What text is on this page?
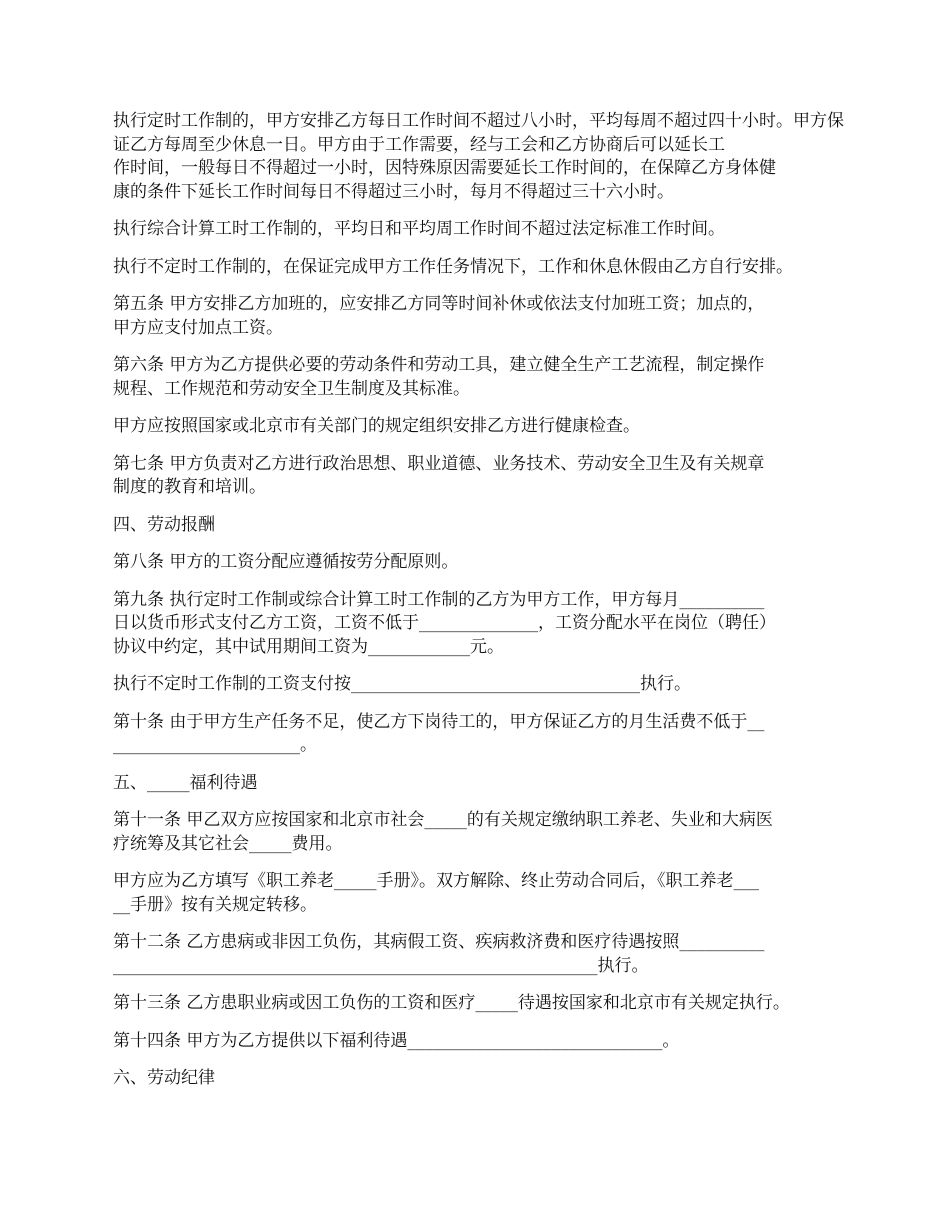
执行定时工作制的，甲方安排乙方每日工作时间不超过八小时，平均每周不超过四十小时。甲方保证乙方每周至少休息一日。甲方由于工作需要，经与工会和乙方协商后可以延长工
作时间，一般每日不得超过一小时，因特殊原因需要延长工作时间的，在保障乙方身体健
康的条件下延长工作时间每日不得超过三小时，每月不得超过三十六小时。

执行综合计算工时工作制的，平均日和平均周工作时间不超过法定标准工作时间。

执行不定时工作制的，在保证完成甲方工作任务情况下，工作和休息休假由乙方自行安排。

第五条 甲方安排乙方加班的，应安排乙方同等时间补休或依法支付加班工资；加点的，
甲方应支付加点工资。

第六条 甲方为乙方提供必要的劳动条件和劳动工具，建立健全生产工艺流程，制定操作
规程、工作规范和劳动安全卫生制度及其标准。

甲方应按照国家或北京市有关部门的规定组织安排乙方进行健康检查。

第七条 甲方负责对乙方进行政治思想、职业道德、业务技术、劳动安全卫生及有关规章
制度的教育和培训。

四、劳动报酬

第八条 甲方的工资分配应遵循按劳分配原则。

第九条 执行定时工作制或综合计算工时工作制的乙方为甲方工作，甲方每月__________
日以货币形式支付乙方工资，工资不低于______________，工资分配水平在岗位（聘任）
协议中约定，其中试用期间工资为____________元。

执行不定时工作制的工资支付按__________________________________执行。

第十条 由于甲方生产任务不足，使乙方下岗待工的，甲方保证乙方的月生活费不低于__
______________________。

五、_____福利待遇

第十一条 甲乙双方应按国家和北京市社会_____的有关规定缴纳职工养老、失业和大病医
疗统筹及其它社会_____费用。

甲方应为乙方填写《职工养老_____手册》。双方解除、终止劳动合同后，《职工养老___
__手册》按有关规定转移。

第十二条 乙方患病或非因工负伤，其病假工资、疾病救济费和医疗待遇按照__________
_________________________________________________________执行。

第十三条 乙方患职业病或因工负伤的工资和医疗_____待遇按国家和北京市有关规定执行。

第十四条 甲方为乙方提供以下福利待遇______________________________。

六、劳动纪律
